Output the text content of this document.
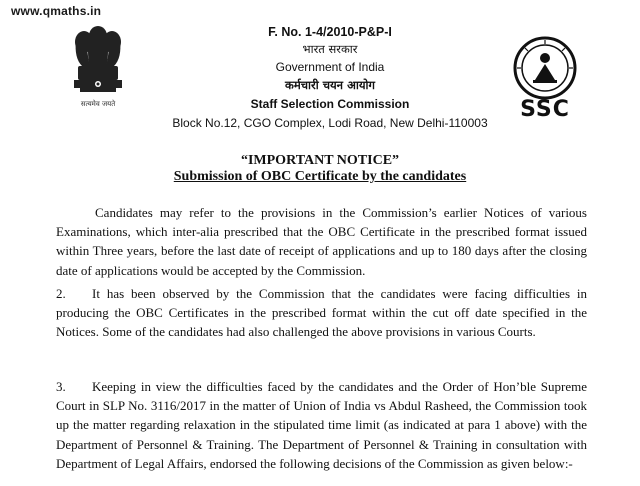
www.qmaths.in
सत्यमेव जयते	SSC
F. No. 1-4/2010-P&P-I
भारत सरकार
Government of India
कर्मचारी चयन आयोग
Staff Selection Commission
Block No.12, CGO Complex, Lodi Road, New Delhi-110003
“IMPORTANT NOTICE”
Submission of OBC Certificate by the candidates

Candidates may refer to the provisions in the Commission’s earlier Notices of various Examinations, which inter-alia prescribed that the OBC Certificate in the prescribed format issued within Three years, before the last date of receipt of applications and up to 180 days after the closing date of applications would be accepted by the Commission.

2. It has been observed by the Commission that the candidates were facing difficulties in producing the OBC Certificates in the prescribed format within the cut off date specified in the Notices. Some of the candidates had also challenged the above provisions in various Courts.

3. Keeping in view the difficulties faced by the candidates and the Order of Hon’ble Supreme Court in SLP No. 3116/2017 in the matter of Union of India vs Abdul Rasheed, the Commission took up the matter regarding relaxation in the stipulated time limit (as indicated at para 1 above) with the Department of Personnel & Training. The Department of Personnel & Training in consultation with Department of Legal Affairs, endorsed the following decisions of the Commission as given below:-
